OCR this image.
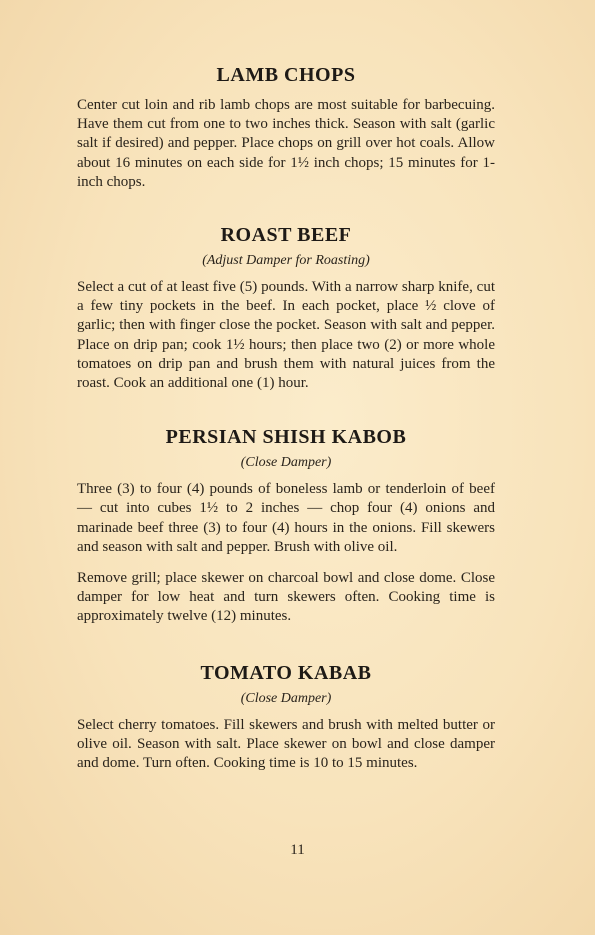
LAMB CHOPS

Center cut loin and rib lamb chops are most suitable for barbecuing. Have them cut from one to two inches thick. Season with salt (garlic salt if desired) and pepper. Place chops on grill over hot coals. Allow about 16 minutes on each side for 1½ inch chops; 15 minutes for 1-inch chops.

ROAST BEEF
(Adjust Damper for Roasting)

Select a cut of at least five (5) pounds. With a narrow sharp knife, cut a few tiny pockets in the beef. In each pocket, place ½ clove of garlic; then with finger close the pocket. Season with salt and pepper. Place on drip pan; cook 1½ hours; then place two (2) or more whole tomatoes on drip pan and brush them with natural juices from the roast. Cook an additional one (1) hour.

PERSIAN SHISH KABOB
(Close Damper)

Three (3) to four (4) pounds of boneless lamb or tenderloin of beef — cut into cubes 1½ to 2 inches — chop four (4) onions and marinade beef three (3) to four (4) hours in the onions. Fill skewers and season with salt and pepper. Brush with olive oil.

Remove grill; place skewer on charcoal bowl and close dome. Close damper for low heat and turn skewers often. Cooking time is approximately twelve (12) minutes.

TOMATO KABAB
(Close Damper)

Select cherry tomatoes. Fill skewers and brush with melted butter or olive oil. Season with salt. Place skewer on bowl and close damper and dome. Turn often. Cooking time is 10 to 15 minutes.

11
